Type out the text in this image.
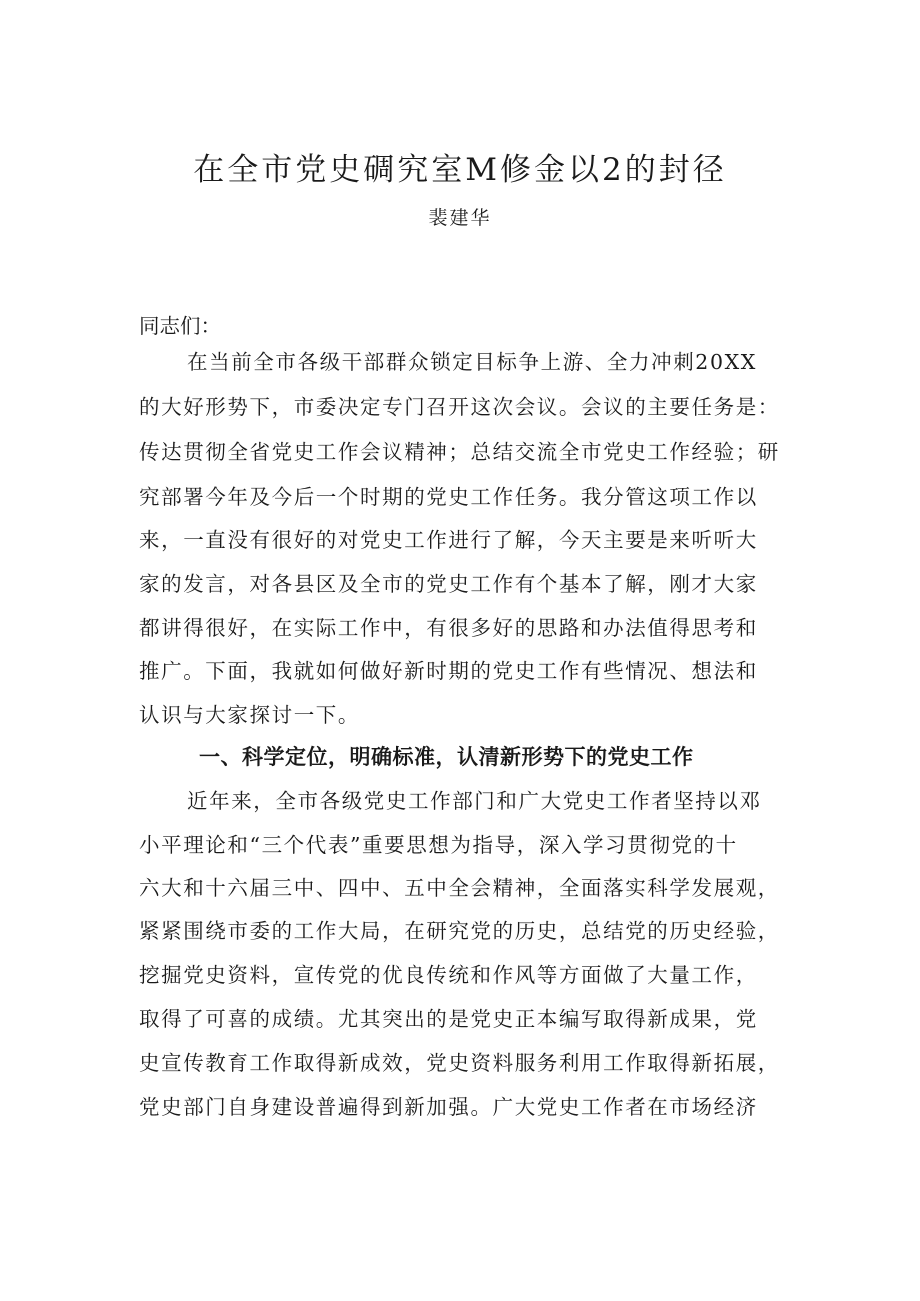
在全市党史碉究室M修金以2的封径
裴建华
同志们：
在当前全市各级干部群众锁定目标争上游、全力冲刺20XX
的大好形势下，市委决定专门召开这次会议。会议的主要任务是：
传达贯彻全省党史工作会议精神；总结交流全市党史工作经验；研
究部署今年及今后一个时期的党史工作任务。我分管这项工作以
来，一直没有很好的对党史工作进行了解，今天主要是来听听大
家的发言，对各县区及全市的党史工作有个基本了解，刚才大家
都讲得很好，在实际工作中，有很多好的思路和办法值得思考和
推广。下面，我就如何做好新时期的党史工作有些情况、想法和
认识与大家探讨一下。
一、科学定位，明确标准，认清新形势下的党史工作
近年来，全市各级党史工作部门和广大党史工作者坚持以邓
小平理论和“三个代表”重要思想为指导，深入学习贯彻党的十
六大和十六届三中、四中、五中全会精神，全面落实科学发展观，
紧紧围绕市委的工作大局，在研究党的历史，总结党的历史经验，
挖掘党史资料，宣传党的优良传统和作风等方面做了大量工作，
取得了可喜的成绩。尤其突出的是党史正本编写取得新成果，党
史宣传教育工作取得新成效，党史资料服务利用工作取得新拓展，
党史部门自身建设普遍得到新加强。广大党史工作者在市场经济
